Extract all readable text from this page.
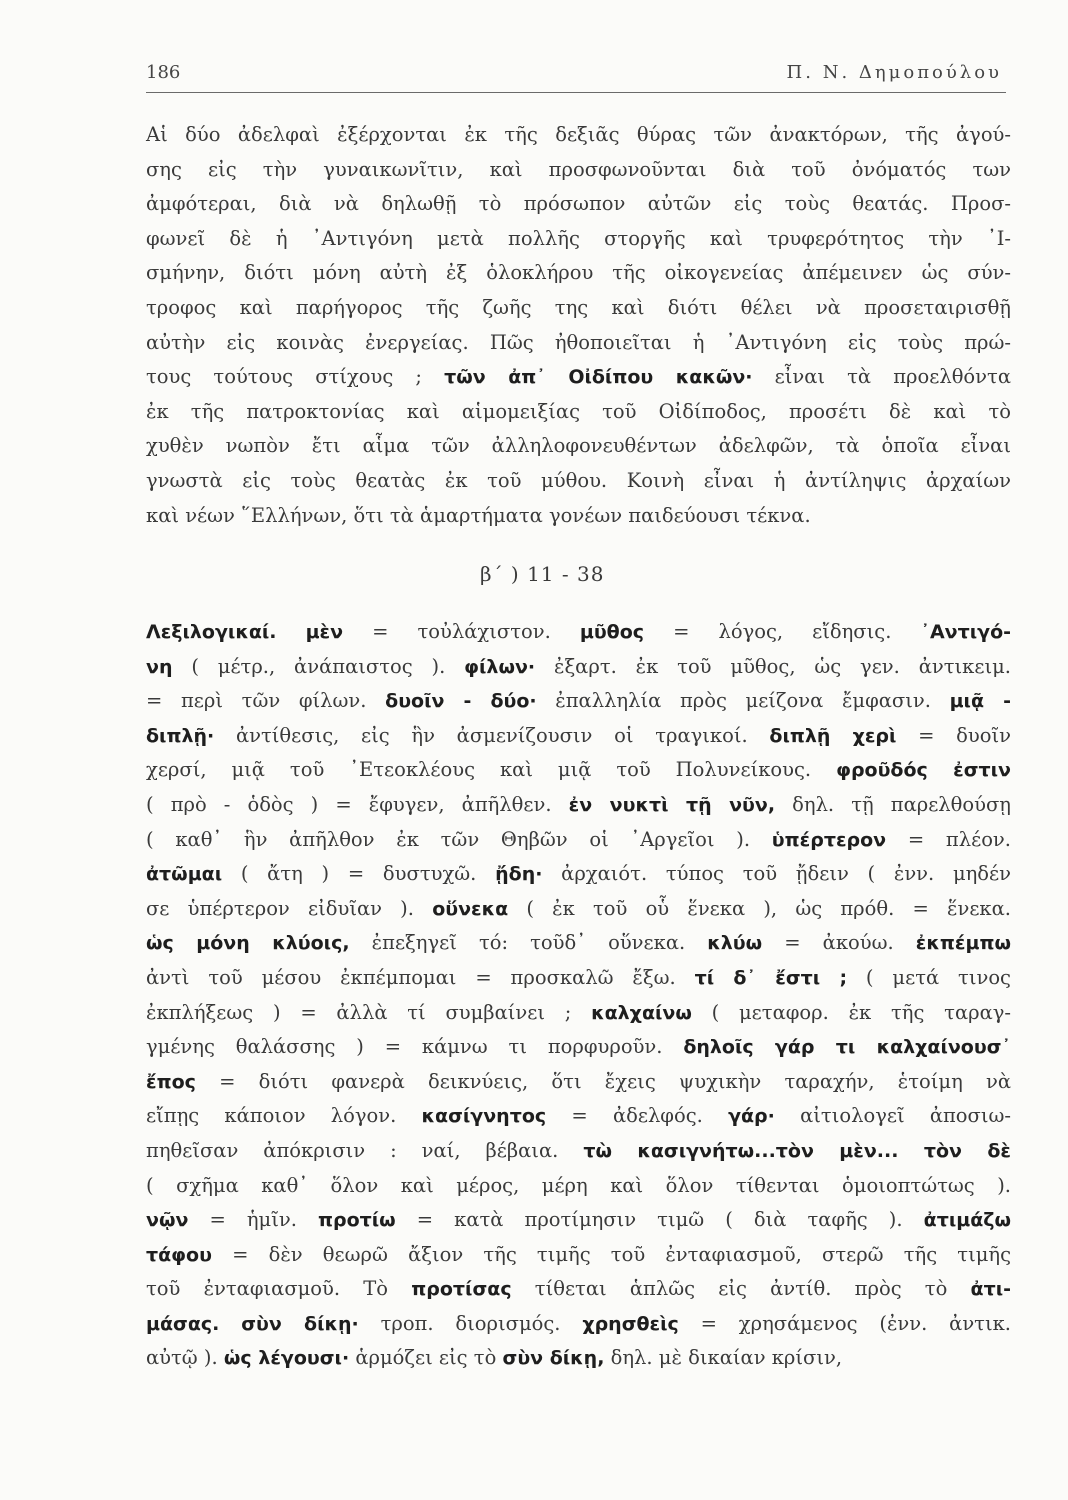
186	Π. Ν. Δημοπούλου
Αἱ δύο ἀδελφαὶ ἐξέρχονται ἐκ τῆς δεξιᾶς θύρας τῶν ἀνακτόρων, τῆς ἀγού-
σης εἰς τὴν γυναικωνῖτιν, καὶ προσφωνοῦνται διὰ τοῦ ὀνόματός των
ἀμφότεραι, διὰ νὰ δηλωθῇ τὸ πρόσωπον αὐτῶν εἰς τοὺς θεατάς. Προσ-
φωνεῖ δὲ ἡ ᾿Αντιγόνη μετὰ πολλῆς στοργῆς καὶ τρυφερότητος τὴν ᾿Ι-
σμήνην, διότι μόνη αὐτὴ ἐξ ὁλοκλήρου τῆς οἰκογενείας ἀπέμεινεν ὡς σύν-
τροφος καὶ παρήγορος τῆς ζωῆς της καὶ διότι θέλει νὰ προσεταιρισθῇ
αὐτὴν εἰς κοινὰς ἐνεργείας. Πῶς ἠθοποιεῖται ἡ ᾿Αντιγόνη εἰς τοὺς πρώ-
τους τούτους στίχους ; τῶν ἀπ᾿ Οἰδίπου κακῶν· εἶναι τὰ προελθόντα
ἐκ τῆς πατροκτονίας καὶ αἱμομειξίας τοῦ Οἰδίποδος, προσέτι δὲ καὶ τὸ
χυθὲν νωπὸν ἔτι αἷμα τῶν ἀλληλοφονευθέντων ἀδελφῶν, τὰ ὁποῖα εἶναι
γνωστὰ εἰς τοὺς θεατὰς ἐκ τοῦ μύθου. Κοινὴ εἶναι ἡ ἀντίληψις ἀρχαίων
καὶ νέων ῞Ελλήνων, ὅτι τὰ ἁμαρτήματα γονέων παιδεύουσι τέκνα.
β΄ ) 11 - 38
Λεξιλογικαί. μὲν = τοὐλάχιστον. μῦθος = λόγος, εἴδησις. ᾿Αντιγό-
νη ( μέτρ., ἀνάπαιστος ). φίλων· ἐξαρτ. ἐκ τοῦ μῦθος, ὡς γεν. ἀντικειμ.
= περὶ τῶν φίλων. δυοῖν - δύο· ἐπαλληλία πρὸς μείζονα ἔμφασιν. μιᾷ -
διπλῇ· ἀντίθεσις, εἰς ἣν ἀσμενίζουσιν οἱ τραγικοί. διπλῇ χερὶ = δυοῖν
χερσί, μιᾷ τοῦ ᾿Ετεοκλέους καὶ μιᾷ τοῦ Πολυνείκους. φροῦδός ἐστιν
( πρὸ - ὁδὸς ) = ἔφυγεν, ἀπῆλθεν. ἐν νυκτὶ τῇ νῦν, δηλ. τῇ παρελθούσῃ
( καθ᾿ ἣν ἀπῆλθον ἐκ τῶν Θηβῶν οἱ ᾿Αργεῖοι ). ὑπέρτερον = πλέον.
ἀτῶμαι ( ἄτη ) = δυστυχῶ. ᾔδη· ἀρχαιότ. τύπος τοῦ ᾔδειν ( ἐνν. μηδέν
σε ὑπέρτερον εἰδυῖαν ). οὕνεκα ( ἐκ τοῦ οὗ ἕνεκα ), ὡς πρόθ. = ἕνεκα.
ὡς μόνη κλύοις, ἐπεξηγεῖ τό: τοῦδ᾿ οὕνεκα. κλύω = ἀκούω. ἐκπέμπω
ἀντὶ τοῦ μέσου ἐκπέμπομαι = προσκαλῶ ἔξω. τί δ᾿ ἔστι ; ( μετά τινος
ἐκπλήξεως ) = ἀλλὰ τί συμβαίνει ; καλχαίνω ( μεταφορ. ἐκ τῆς ταραγ-
γμένης θαλάσσης ) = κάμνω τι πορφυροῦν. δηλοῖς γάρ τι καλχαίνουσ᾿
ἔπος = διότι φανερὰ δεικνύεις, ὅτι ἔχεις ψυχικὴν ταραχήν, ἑτοίμη νὰ
εἴπῃς κάποιον λόγον. κασίγνητος = ἀδελφός. γάρ· αἰτιολογεῖ ἀποσιω-
πηθεῖσαν ἀπόκρισιν : ναί, βέβαια. τὼ κασιγνήτω...τὸν μὲν... τὸν δὲ
( σχῆμα καθ᾿ ὅλον καὶ μέρος, μέρη καὶ ὅλον τίθενται ὁμοιοπτώτως ).
νῷν = ἡμῖν. προτίω = κατὰ προτίμησιν τιμῶ ( διὰ ταφῆς ). ἀτιμάζω
τάφου = δὲν θεωρῶ ἄξιον τῆς τιμῆς τοῦ ἐνταφιασμοῦ, στερῶ τῆς τιμῆς
τοῦ ἐνταφιασμοῦ. Τὸ προτίσας τίθεται ἁπλῶς εἰς ἀντίθ. πρὸς τὸ ἀτι-
μάσας. σὺν δίκῃ· τροπ. διορισμός. χρησθεὶς = χρησάμενος (ἐνν. ἀντικ.
αὐτῷ ). ὡς λέγουσι· ἁρμόζει εἰς τὸ σὺν δίκῃ, δηλ. μὲ δικαίαν κρίσιν,
